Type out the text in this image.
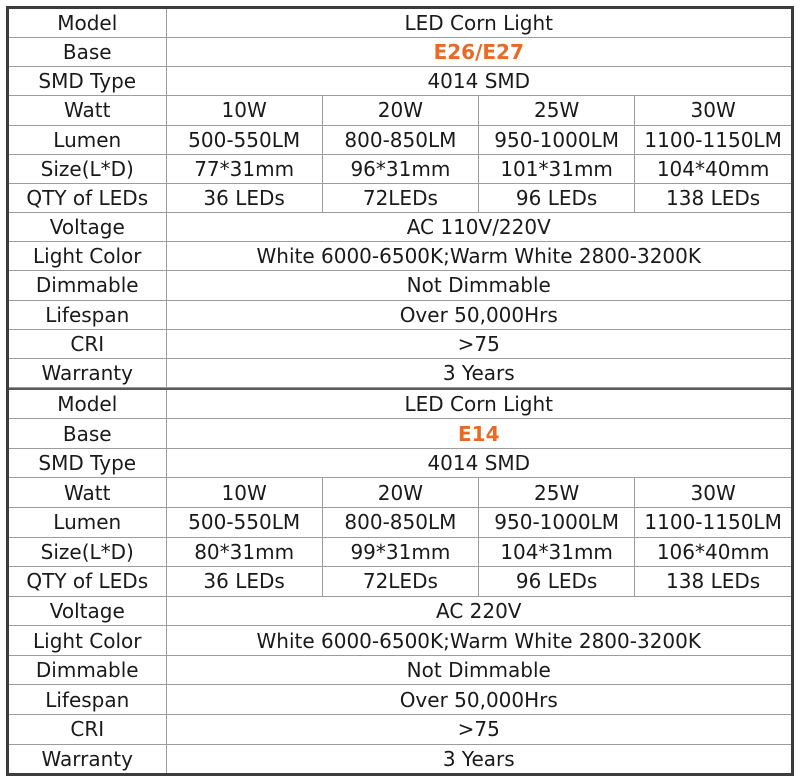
Model	LED Corn Light			
Base	E26/E27			
SMD Type	4014 SMD			
Watt	10W	20W	25W	30W
Lumen	500-550LM	800-850LM	950-1000LM	1100-1150LM
Size(L*D)	77*31mm	96*31mm	101*31mm	104*40mm
QTY of LEDs	36 LEDs	72LEDs	96 LEDs	138 LEDs
Voltage	AC 110V/220V			
Light Color	White 6000-6500K;Warm White 2800-3200K			
Dimmable	Not Dimmable			
Lifespan	Over 50,000Hrs			
CRI	>75			
Warranty	3 Years			
Model	LED Corn Light			
Base	E14			
SMD Type	4014 SMD			
Watt	10W	20W	25W	30W
Lumen	500-550LM	800-850LM	950-1000LM	1100-1150LM
Size(L*D)	80*31mm	99*31mm	104*31mm	106*40mm
QTY of LEDs	36 LEDs	72LEDs	96 LEDs	138 LEDs
Voltage	AC 220V			
Light Color	White 6000-6500K;Warm White 2800-3200K			
Dimmable	Not Dimmable			
Lifespan	Over 50,000Hrs			
CRI	>75			
Warranty	3 Years			
